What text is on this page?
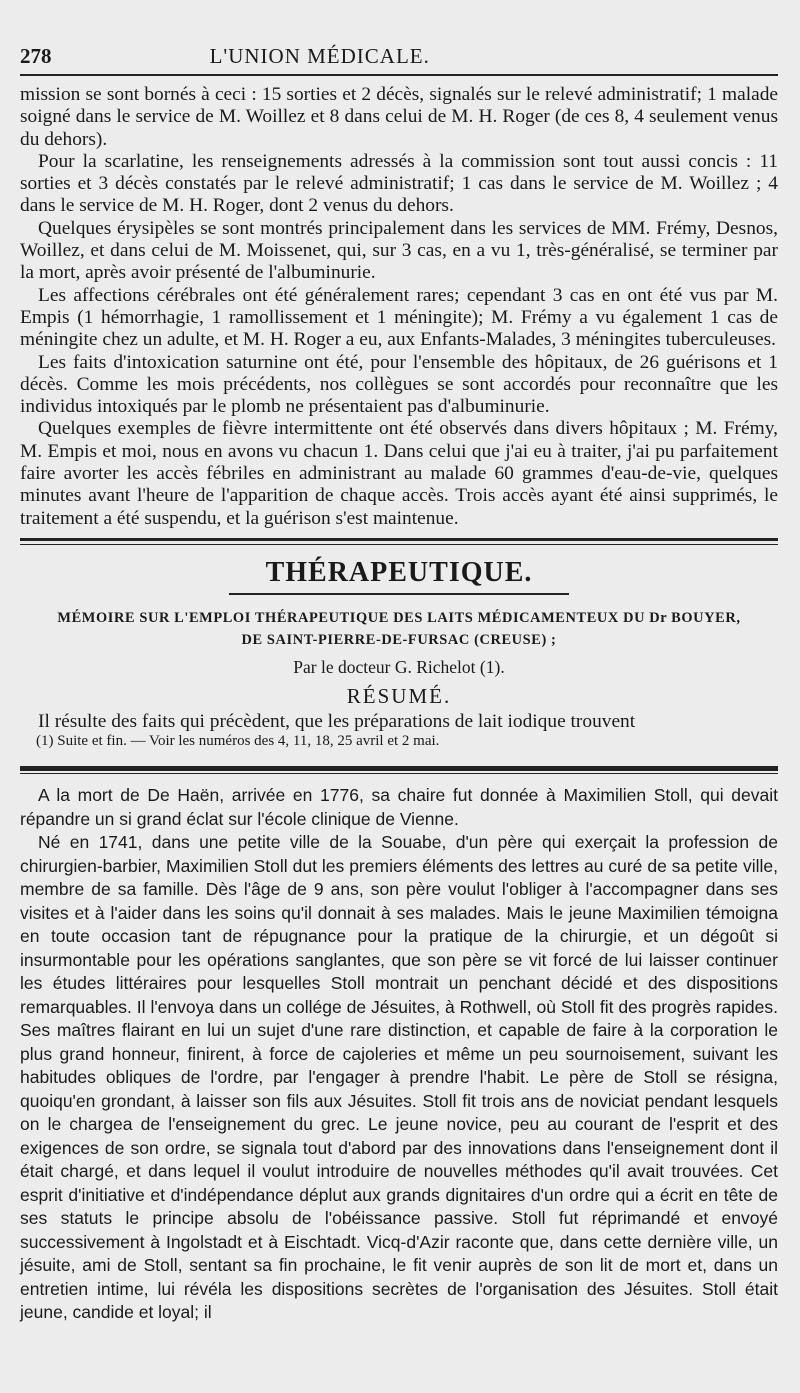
278	L'UNION MÉDICALE.

mission se sont bornés à ceci : 15 sorties et 2 décès, signalés sur le relevé administratif; 1 malade soigné dans le service de M. Woillez et 8 dans celui de M. H. Roger (de ces 8, 4 seulement venus du dehors).

Pour la scarlatine, les renseignements adressés à la commission sont tout aussi concis : 11 sorties et 3 décès constatés par le relevé administratif; 1 cas dans le service de M. Woillez ; 4 dans le service de M. H. Roger, dont 2 venus du dehors.

Quelques érysipèles se sont montrés principalement dans les services de MM. Frémy, Desnos, Woillez, et dans celui de M. Moissenet, qui, sur 3 cas, en a vu 1, très-généralisé, se terminer par la mort, après avoir présenté de l'albuminurie.

Les affections cérébrales ont été généralement rares; cependant 3 cas en ont été vus par M. Empis (1 hémorrhagie, 1 ramollissement et 1 méningite); M. Frémy a vu également 1 cas de méningite chez un adulte, et M. H. Roger a eu, aux Enfants-Malades, 3 méningites tuberculeuses.

Les faits d'intoxication saturnine ont été, pour l'ensemble des hôpitaux, de 26 guérisons et 1 décès. Comme les mois précédents, nos collègues se sont accordés pour reconnaître que les individus intoxiqués par le plomb ne présentaient pas d'albuminurie.

Quelques exemples de fièvre intermittente ont été observés dans divers hôpitaux ; M. Frémy, M. Empis et moi, nous en avons vu chacun 1. Dans celui que j'ai eu à traiter, j'ai pu parfaitement faire avorter les accès fébriles en administrant au malade 60 grammes d'eau-de-vie, quelques minutes avant l'heure de l'apparition de chaque accès. Trois accès ayant été ainsi supprimés, le traitement a été suspendu, et la guérison s'est maintenue.

THÉRAPEUTIQUE.

MÉMOIRE SUR L'EMPLOI THÉRAPEUTIQUE DES LAITS MÉDICAMENTEUX DU Dr BOUYER,

DE SAINT-PIERRE-DE-FURSAC (CREUSE) ;

Par le docteur G. Richelot (1).
RÉSUMÉ.

Il résulte des faits qui précèdent, que les préparations de lait iodique trouvent

(1) Suite et fin. — Voir les numéros des 4, 11, 18, 25 avril et 2 mai.

A la mort de De Haën, arrivée en 1776, sa chaire fut donnée à Maximilien Stoll, qui devait répandre un si grand éclat sur l'école clinique de Vienne.

Né en 1741, dans une petite ville de la Souabe, d'un père qui exerçait la profession de chirurgien-barbier, Maximilien Stoll dut les premiers éléments des lettres au curé de sa petite ville, membre de sa famille. Dès l'âge de 9 ans, son père voulut l'obliger à l'accompagner dans ses visites et à l'aider dans les soins qu'il donnait à ses malades. Mais le jeune Maximilien témoigna en toute occasion tant de répugnance pour la pratique de la chirurgie, et un dégoût si insurmontable pour les opérations sanglantes, que son père se vit forcé de lui laisser continuer les études littéraires pour lesquelles Stoll montrait un penchant décidé et des dispositions remarquables. Il l'envoya dans un collége de Jésuites, à Rothwell, où Stoll fit des progrès rapides. Ses maîtres flairant en lui un sujet d'une rare distinction, et capable de faire à la corporation le plus grand honneur, finirent, à force de cajoleries et même un peu sournoisement, suivant les habitudes obliques de l'ordre, par l'engager à prendre l'habit. Le père de Stoll se résigna, quoiqu'en grondant, à laisser son fils aux Jésuites. Stoll fit trois ans de noviciat pendant lesquels on le chargea de l'enseignement du grec. Le jeune novice, peu au courant de l'esprit et des exigences de son ordre, se signala tout d'abord par des innovations dans l'enseignement dont il était chargé, et dans lequel il voulut introduire de nouvelles méthodes qu'il avait trouvées. Cet esprit d'initiative et d'indépendance déplut aux grands dignitaires d'un ordre qui a écrit en tête de ses statuts le principe absolu de l'obéissance passive. Stoll fut réprimandé et envoyé successivement à Ingolstadt et à Eischtadt. Vicq-d'Azir raconte que, dans cette dernière ville, un jésuite, ami de Stoll, sentant sa fin prochaine, le fit venir auprès de son lit de mort et, dans un entretien intime, lui révéla les dispositions secrètes de l'organisation des Jésuites. Stoll était jeune, candide et loyal; il
